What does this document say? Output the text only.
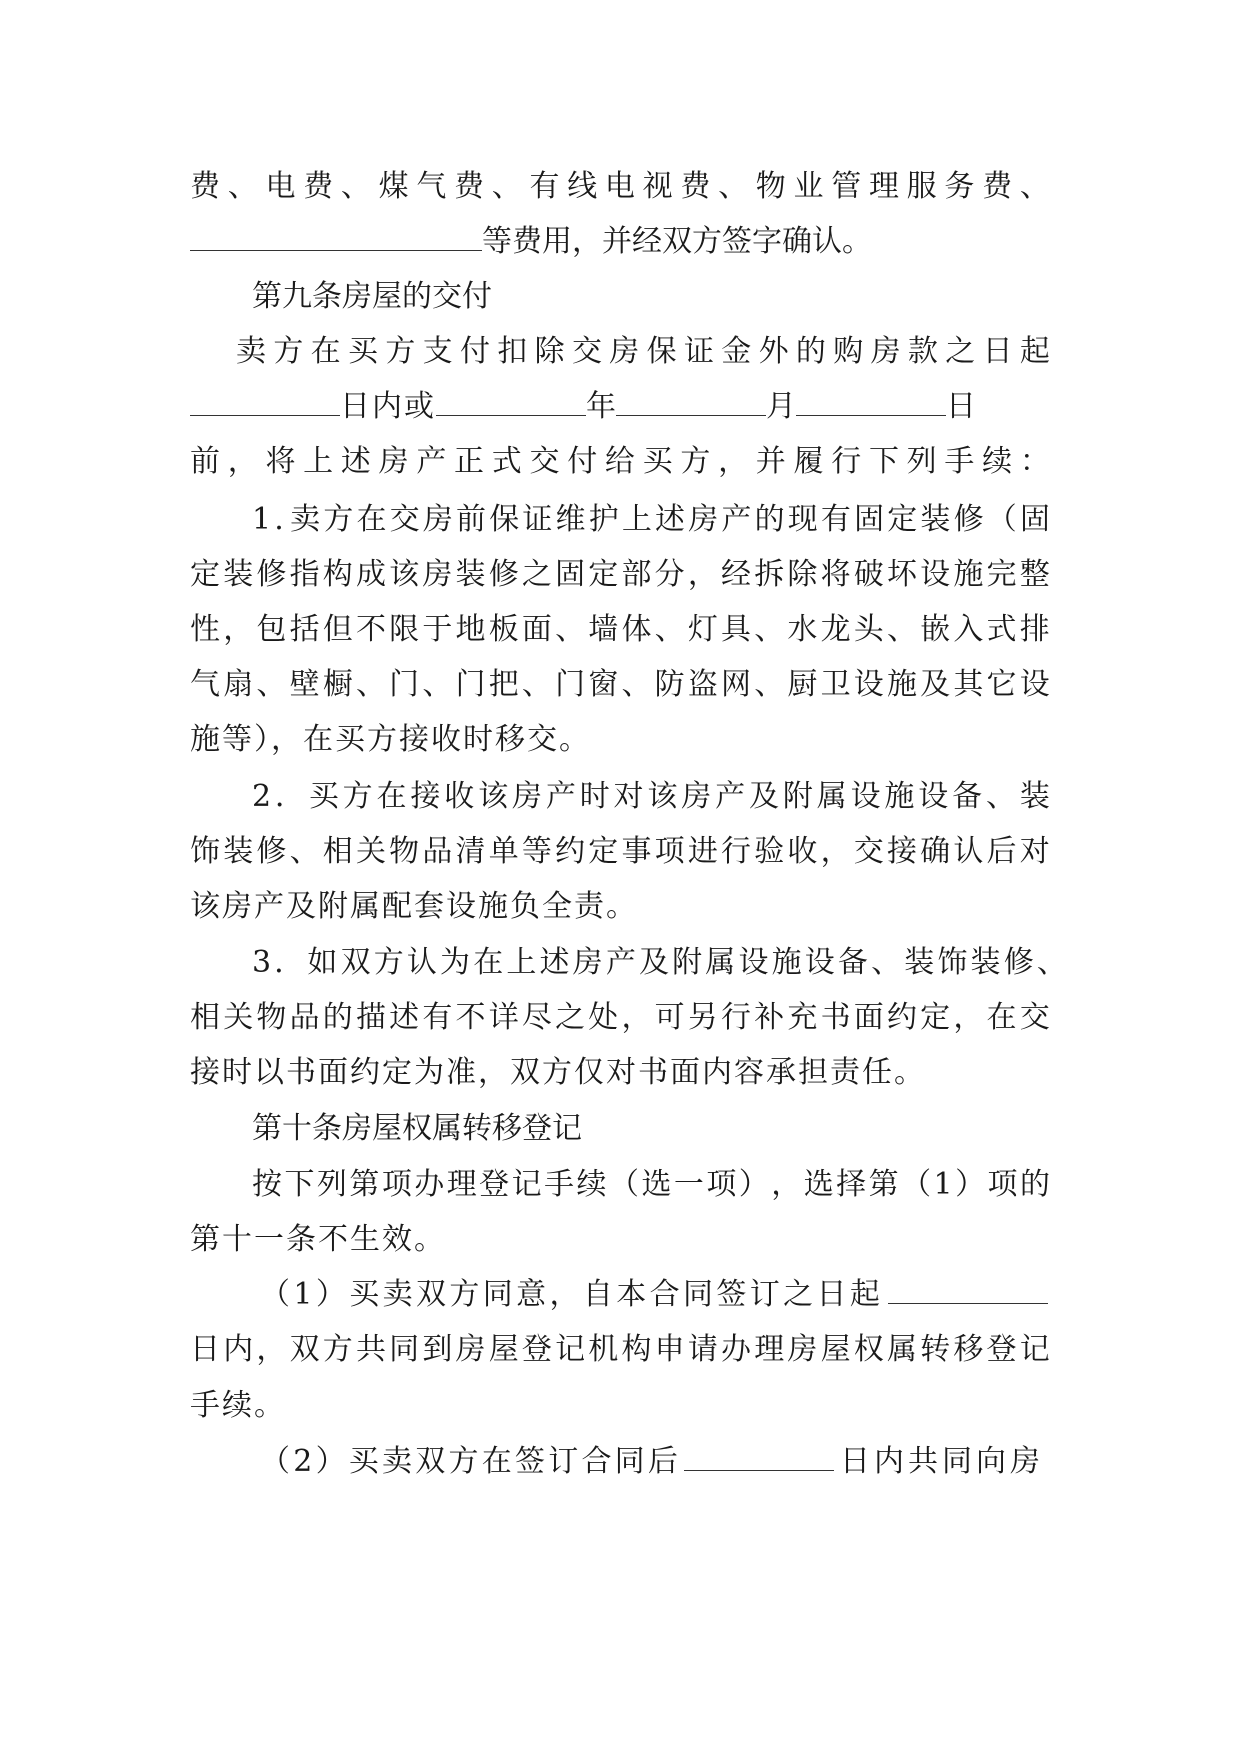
费 、 电 费 、 煤 气 费 、 有 线 电 视 费 、 物 业 管 理 服 务 费 、
等费用，并经双方签字确认。
第九条房屋的交付
卖 方 在 买 方 支 付 扣 除 交 房 保 证 金 外 的 购 房 款 之 日 起
日内或	年	月	日
前 ， 将 上 述 房 产 正 式 交 付 给 买 方 ， 并 履 行 下 列 手 续 ：
1 . 卖 方 在 交 房 前 保 证 维 护 上 述 房 产 的 现 有 固 定 装 修 （ 固
定 装 修 指 构 成 该 房 装 修 之 固 定 部 分 ， 经 拆 除 将 破 坏 设 施 完 整
性 ， 包 括 但 不 限 于 地 板 面 、 墙 体 、 灯 具 、 水 龙 头 、 嵌 入 式 排
气 扇 、 壁 橱 、 门 、 门 把 、 门 窗 、 防 盗 网 、 厨 卫 设 施 及 其 它 设
施等），在买方接收时移交。
2 ． 买 方 在 接 收 该 房 产 时 对 该 房 产 及 附 属 设 施 设 备 、 装
饰 装 修 、 相 关 物 品 清 单 等 约 定 事 项 进 行 验 收 ， 交 接 确 认 后 对
该房产及附属配套设施负全责。
3 ． 如 双 方 认 为 在 上 述 房 产 及 附 属 设 施 设 备 、 装 饰 装 修 、
相 关 物 品 的 描 述 有 不 详 尽 之 处 ， 可 另 行 补 充 书 面 约 定 ， 在 交
接时以书面约定为准，双方仅对书面内容承担责任。
第十条房屋权属转移登记
按 下 列 第 项 办 理 登 记 手 续 （ 选 一 项 ） ， 选 择 第 （ 1 ） 项 的
第十一条不生效。
（ 1 ） 买 卖 双 方 同 意 ， 自 本 合 同 签 订 之 日 起
日 内 ， 双 方 共 同 到 房 屋 登 记 机 构 申 请 办 理 房 屋 权 属 转 移 登 记
手续。
（ 2 ） 买 卖 双 方 在 签 订 合 同 后	日 内 共 同 向 房
